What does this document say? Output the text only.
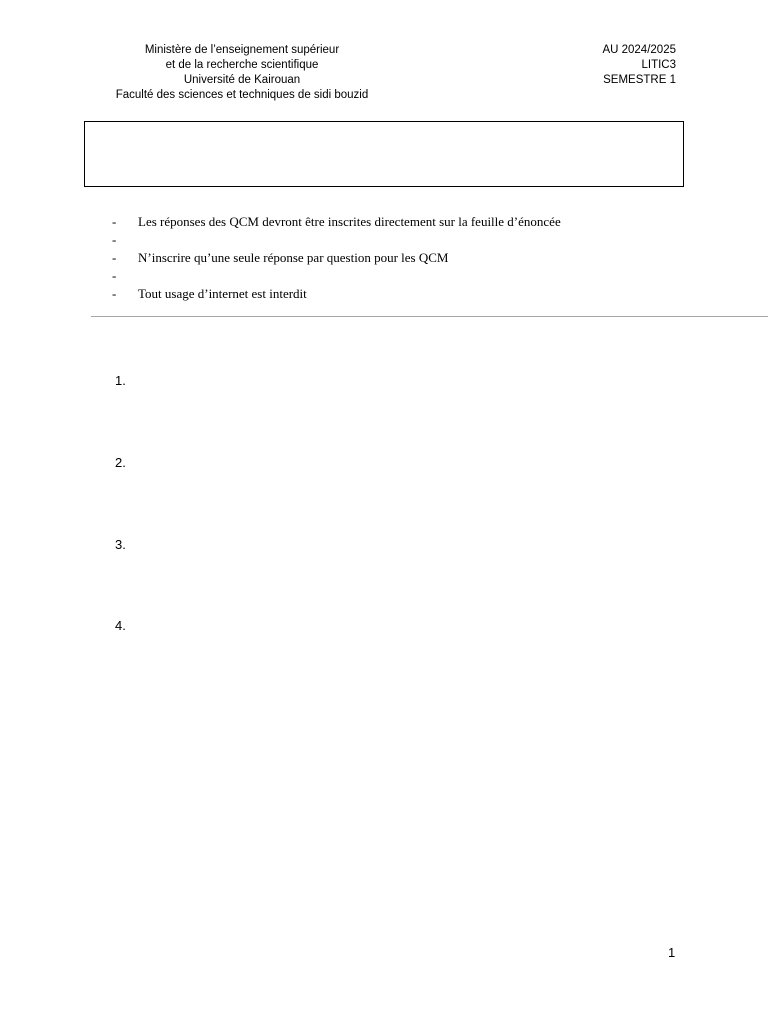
Ministère de l’enseignement supérieur
et de la recherche scientifique
Université de Kairouan
Faculté des sciences et techniques de sidi bouzid
AU 2024/2025
LITIC3
SEMESTRE 1
- Les réponses des QCM devront être inscrites directement sur la feuille d’énoncée
-
- N’inscrire qu’une seule réponse par question pour les QCM
-
- Tout usage d’internet est interdit
1.
2.
3.
4.
1
